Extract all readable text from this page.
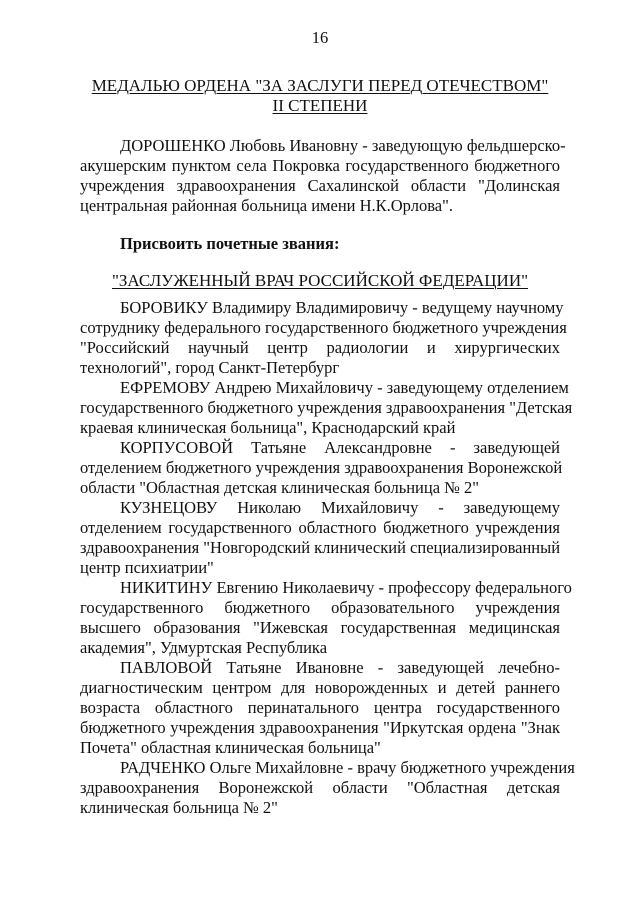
16
МЕДАЛЬЮ ОРДЕНА "ЗА ЗАСЛУГИ ПЕРЕД ОТЕЧЕСТВОМ"
II СТЕПЕНИ
ДОРОШЕНКО Любовь Ивановну - заведующую фельдшерско-
акушерским пунктом села Покровка государственного бюджетного
учреждения здравоохранения Сахалинской области "Долинская
центральная районная больница имени Н.К.Орлова".
Присвоить почетные звания:
"ЗАСЛУЖЕННЫЙ ВРАЧ РОССИЙСКОЙ ФЕДЕРАЦИИ"
БОРОВИКУ Владимиру Владимировичу - ведущему научному
сотруднику федерального государственного бюджетного учреждения
"Российский научный центр радиологии и хирургических
технологий", город Санкт-Петербург
ЕФРЕМОВУ Андрею Михайловичу - заведующему отделением
государственного бюджетного учреждения здравоохранения "Детская
краевая клиническая больница", Краснодарский край
КОРПУСОВОЙ Татьяне Александровне - заведующей
отделением бюджетного учреждения здравоохранения Воронежской
области "Областная детская клиническая больница № 2"
КУЗНЕЦОВУ Николаю Михайловичу - заведующему
отделением государственного областного бюджетного учреждения
здравоохранения "Новгородский клинический специализированный
центр психиатрии"
НИКИТИНУ Евгению Николаевичу - профессору федерального
государственного бюджетного образовательного учреждения
высшего образования "Ижевская государственная медицинская
академия", Удмуртская Республика
ПАВЛОВОЙ Татьяне Ивановне - заведующей лечебно-
диагностическим центром для новорожденных и детей раннего
возраста областного перинатального центра государственного
бюджетного учреждения здравоохранения "Иркутская ордена "Знак
Почета" областная клиническая больница"
РАДЧЕНКО Ольге Михайловне - врачу бюджетного учреждения
здравоохранения Воронежской области "Областная детская
клиническая больница № 2"
